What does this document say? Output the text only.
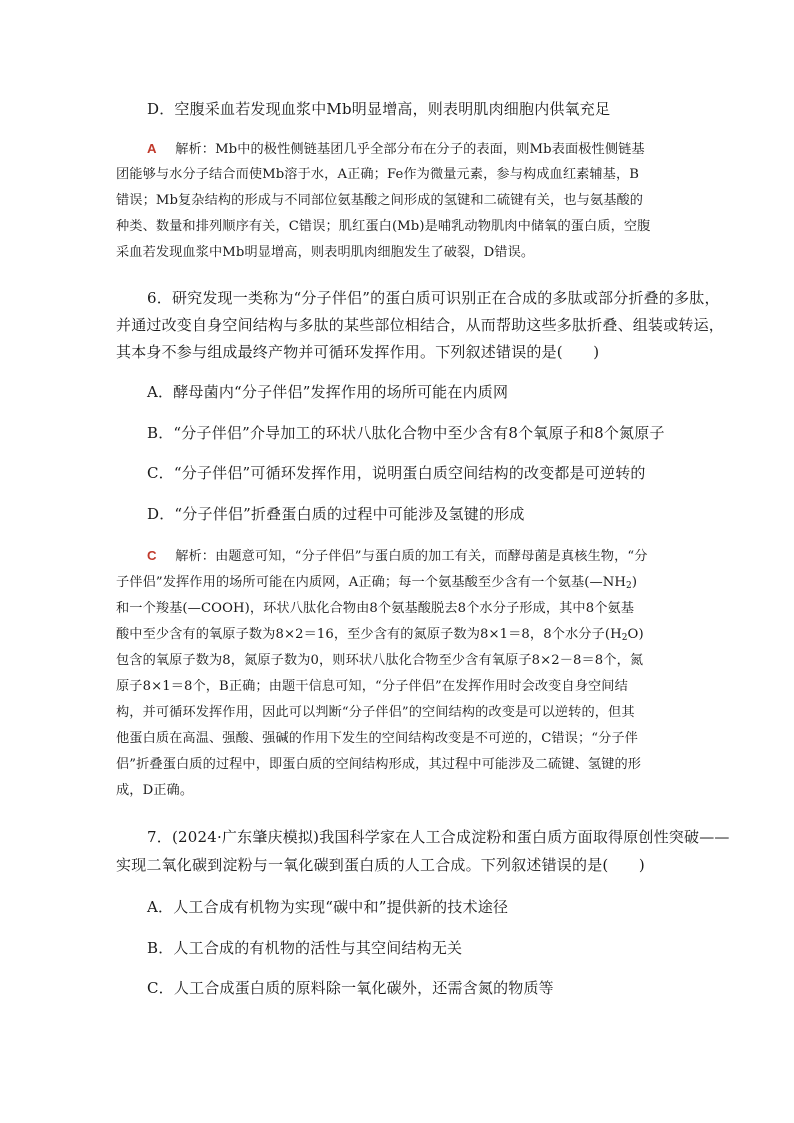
D．空腹采血若发现血浆中Mb明显增高，则表明肌肉细胞内供氧充足
A 解析：Mb中的极性侧链基团几乎全部分布在分子的表面，则Mb表面极性侧链基
团能够与水分子结合而使Mb溶于水，A正确；Fe作为微量元素，参与构成血红素辅基，B
错误；Mb复杂结构的形成与不同部位氨基酸之间形成的氢键和二硫键有关，也与氨基酸的
种类、数量和排列顺序有关，C错误；肌红蛋白(Mb)是哺乳动物肌肉中储氧的蛋白质，空腹
采血若发现血浆中Mb明显增高，则表明肌肉细胞发生了破裂，D错误。
6．研究发现一类称为“分子伴侣”的蛋白质可识别正在合成的多肽或部分折叠的多肽，
并通过改变自身空间结构与多肽的某些部位相结合，从而帮助这些多肽折叠、组装或转运，
其本身不参与组成最终产物并可循环发挥作用。下列叙述错误的是(　　)
A．酵母菌内“分子伴侣”发挥作用的场所可能在内质网
B．“分子伴侣”介导加工的环状八肽化合物中至少含有8个氧原子和8个氮原子
C．“分子伴侣”可循环发挥作用，说明蛋白质空间结构的改变都是可逆转的
D．“分子伴侣”折叠蛋白质的过程中可能涉及氢键的形成
C 解析：由题意可知，“分子伴侣”与蛋白质的加工有关，而酵母菌是真核生物，“分
子伴侣”发挥作用的场所可能在内质网，A正确；每一个氨基酸至少含有一个氨基$(—NH_2)$
和一个羧基(—COOH)，环状八肽化合物由8个氨基酸脱去8个水分子形成，其中8个氨基
酸中至少含有的氧原子数为8×2＝16，至少含有的氮原子数为8×1＝8，8个水分子$(H_2O)$
包含的氧原子数为8，氮原子数为0，则环状八肽化合物至少含有氧原子8×2－8＝8个，氮
原子8×1＝8个，B正确；由题干信息可知，“分子伴侣”在发挥作用时会改变自身空间结
构，并可循环发挥作用，因此可以判断“分子伴侣”的空间结构的改变是可以逆转的，但其
他蛋白质在高温、强酸、强碱的作用下发生的空间结构改变是不可逆的，C错误；“分子伴
侣”折叠蛋白质的过程中，即蛋白质的空间结构形成，其过程中可能涉及二硫键、氢键的形
成，D正确。
7．(2024·广东肇庆模拟)我国科学家在人工合成淀粉和蛋白质方面取得原创性突破——
实现二氧化碳到淀粉与一氧化碳到蛋白质的人工合成。下列叙述错误的是(　　)
A．人工合成有机物为实现“碳中和”提供新的技术途径
B．人工合成的有机物的活性与其空间结构无关
C．人工合成蛋白质的原料除一氧化碳外，还需含氮的物质等
